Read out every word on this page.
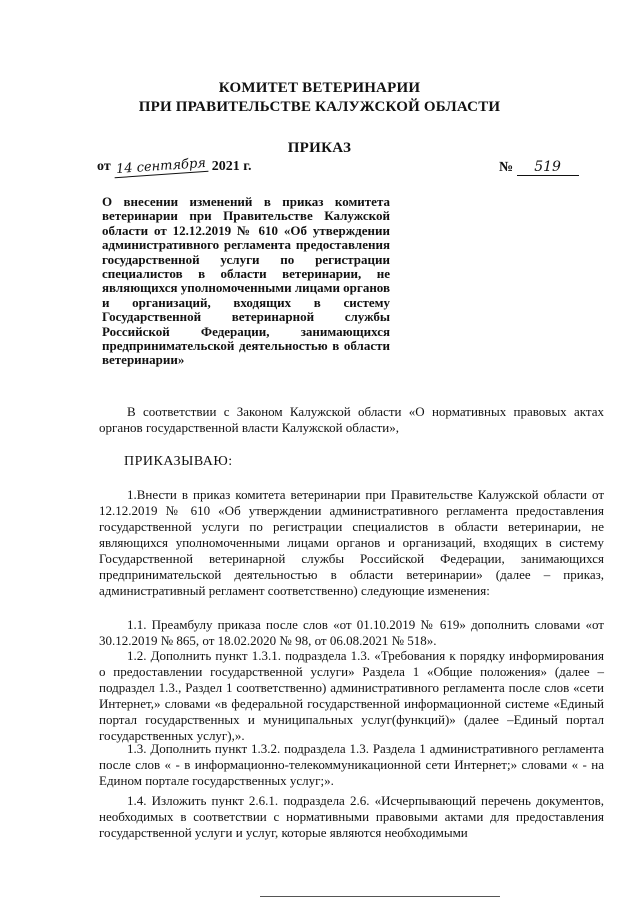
КОМИТЕТ ВЕТЕРИНАРИИ
ПРИ ПРАВИТЕЛЬСТВЕ КАЛУЖСКОЙ ОБЛАСТИ
ПРИКАЗ
от 14 сентября 2021 г.	№ 519
О внесении изменений в приказ комитета
ветеринарии при Правительстве Калужской
области от 12.12.2019 № 610 «Об утверждении
административного регламента предоставления
государственной услуги по регистрации
специалистов в области ветеринарии, не
являющихся уполномоченными лицами органов
и организаций, входящих в систему
Государственной ветеринарной службы
Российской Федерации, занимающихся
предпринимательской деятельностью в области
ветеринарии»
В соответствии с Законом Калужской области «О нормативных правовых актах органов государственной власти Калужской области»,
ПРИКАЗЫВАЮ:
1.Внести в приказ комитета ветеринарии при Правительстве Калужской области от 12.12.2019 № 610 «Об утверждении административного регламента предоставления государственной услуги по регистрации специалистов в области ветеринарии, не являющихся уполномоченными лицами органов и организаций, входящих в систему Государственной ветеринарной службы Российской Федерации, занимающихся предпринимательской деятельностью в области ветеринарии» (далее – приказ, административный регламент соответственно) следующие изменения:
1.1. Преамбулу приказа после слов «от 01.10.2019 № 619» дополнить словами «от 30.12.2019 № 865, от 18.02.2020 № 98, от 06.08.2021 № 518».
1.2. Дополнить пункт 1.3.1. подраздела 1.3. «Требования к порядку информирования о предоставлении государственной услуги» Раздела 1 «Общие положения» (далее – подраздел 1.3., Раздел 1 соответственно) административного регламента после слов «сети Интернет,» словами «в федеральной государственной информационной системе «Единый портал государственных и муниципальных услуг(функций)» (далее –Единый портал государственных услуг),».
1.3. Дополнить пункт 1.3.2. подраздела 1.3. Раздела 1 административного регламента после слов « - в информационно-телекоммуникационной сети Интернет;» словами « - на Едином портале государственных услуг;».
1.4. Изложить пункт 2.6.1. подраздела 2.6. «Исчерпывающий перечень документов, необходимых в соответствии с нормативными правовыми актами для предоставления государственной услуги и услуг, которые являются необходимыми
